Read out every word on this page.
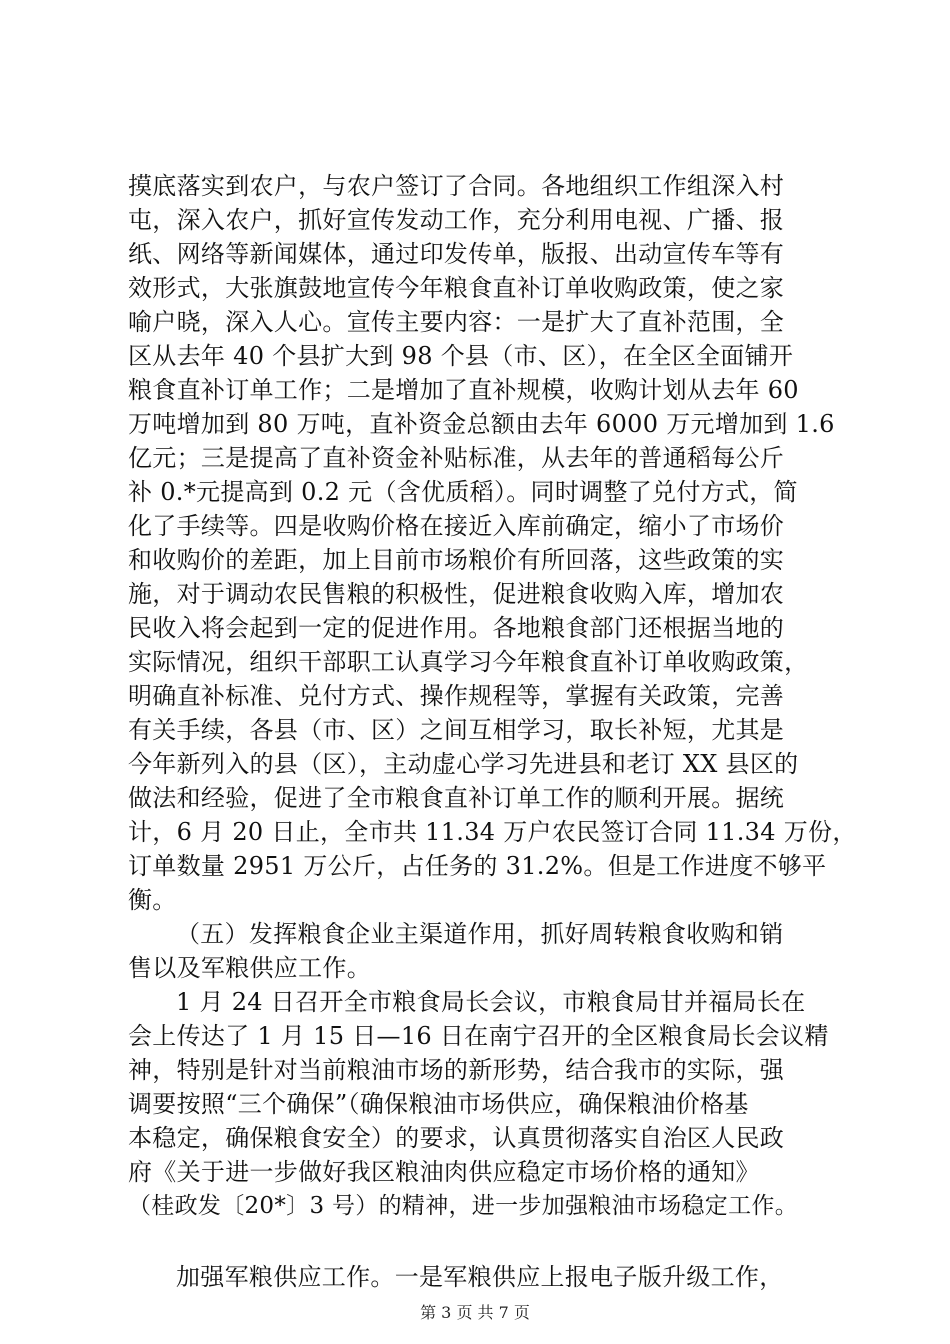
摸底落实到农户，与农户签订了合同。各地组织工作组深入村
屯，深入农户，抓好宣传发动工作，充分利用电视、广播、报
纸、网络等新闻媒体，通过印发传单，版报、出动宣传车等有
效形式，大张旗鼓地宣传今年粮食直补订单收购政策，使之家
喻户晓，深入人心。宣传主要内容：一是扩大了直补范围，全
区从去年 40 个县扩大到 98 个县（市、区），在全区全面铺开
粮食直补订单工作；二是增加了直补规模，收购计划从去年 60
万吨增加到 80 万吨，直补资金总额由去年 6000 万元增加到 1.6
亿元；三是提高了直补资金补贴标准，从去年的普通稻每公斤
补 0.*元提高到 0.2 元（含优质稻）。同时调整了兑付方式，简
化了手续等。四是收购价格在接近入库前确定，缩小了市场价
和收购价的差距，加上目前市场粮价有所回落，这些政策的实
施，对于调动农民售粮的积极性，促进粮食收购入库，增加农
民收入将会起到一定的促进作用。各地粮食部门还根据当地的
实际情况，组织干部职工认真学习今年粮食直补订单收购政策，
明确直补标准、兑付方式、操作规程等，掌握有关政策，完善
有关手续，各县（市、区）之间互相学习，取长补短，尤其是
今年新列入的县（区），主动虚心学习先进县和老订 XX 县区的
做法和经验，促进了全市粮食直补订单工作的顺利开展。据统
计，6 月 20 日止，全市共 11.34 万户农民签订合同 11.34 万份，
订单数量 2951 万公斤，占任务的 31.2%。但是工作进度不够平
衡。
（五）发挥粮食企业主渠道作用，抓好周转粮食收购和销
售以及军粮供应工作。
1 月 24 日召开全市粮食局长会议，市粮食局甘并福局长在
会上传达了 1 月 15 日—16 日在南宁召开的全区粮食局长会议精
神，特别是针对当前粮油市场的新形势，结合我市的实际，强
调要按照“三个确保”（确保粮油市场供应，确保粮油价格基
本稳定，确保粮食安全）的要求，认真贯彻落实自治区人民政
府《关于进一步做好我区粮油肉供应稳定市场价格的通知》
（桂政发〔20*〕3 号）的精神，进一步加强粮油市场稳定工作。
加强军粮供应工作。一是军粮供应上报电子版升级工作，
第 3 页 共 7 页
